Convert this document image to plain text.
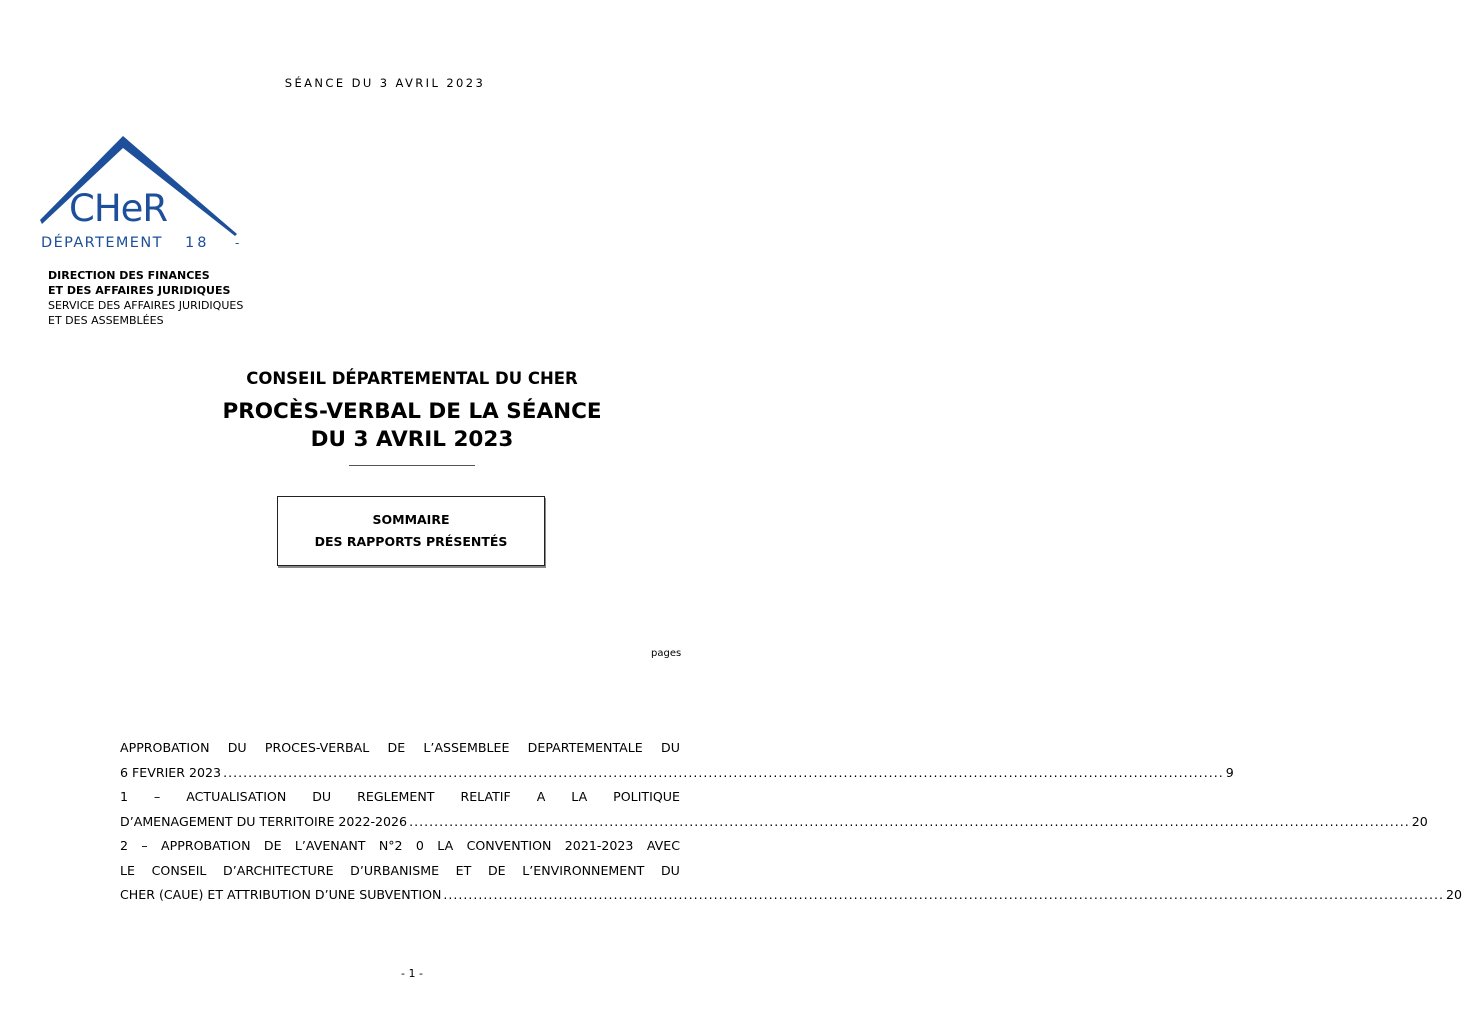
SÉANCE DU 3 AVRIL 2023
CHeR
DÉPARTEMENT 18 -
DIRECTION DES FINANCES
ET DES AFFAIRES JURIDIQUES
SERVICE DES AFFAIRES JURIDIQUES
ET DES ASSEMBLÉES
CONSEIL DÉPARTEMENTAL DU CHER
PROCÈS-VERBAL DE LA SÉANCE
DU 3 AVRIL 2023
SOMMAIRE
DES RAPPORTS PRÉSENTÉS
pages
APPROBATION DU PROCES-VERBAL DE L’ASSEMBLEE DEPARTEMENTALE DU
6 FEVRIER 2023 ........................................................................................................................................................................................................ 9
1 – ACTUALISATION DU REGLEMENT RELATIF A LA POLITIQUE
D’AMENAGEMENT DU TERRITOIRE 2022-2026 ........................................................................................................................................................................................................ 20
2 – APPROBATION DE L’AVENANT N°2 0 LA CONVENTION 2021-2023 AVEC
LE CONSEIL D’ARCHITECTURE D’URBANISME ET DE L’ENVIRONNEMENT DU
CHER (CAUE) ET ATTRIBUTION D’UNE SUBVENTION ........................................................................................................................................................................................................ 20
- 1 -
